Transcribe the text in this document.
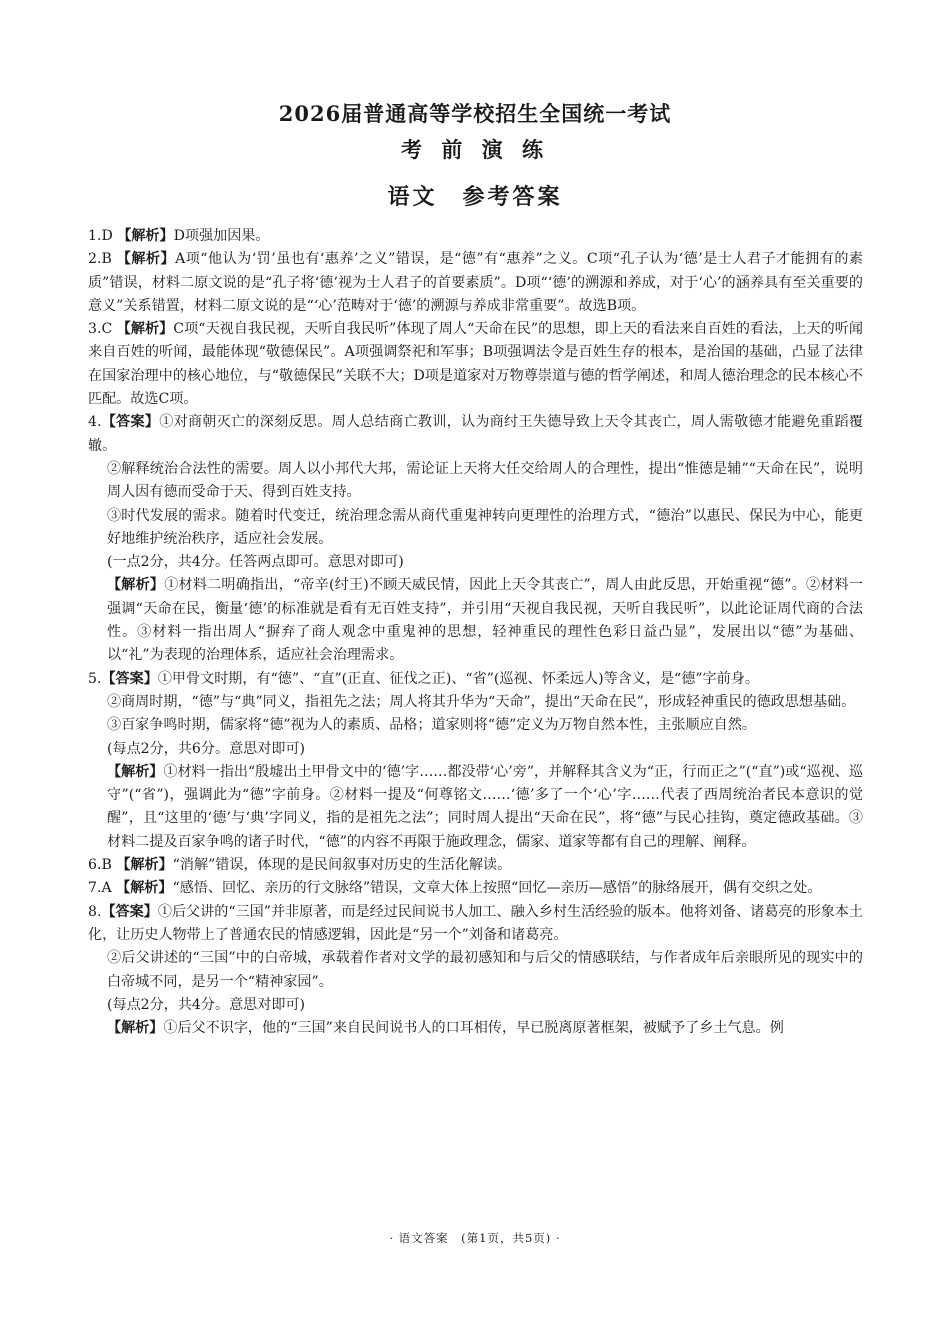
2026届普通高等学校招生全国统一考试
考 前 演 练
语文　参考答案
1.D 【解析】D项强加因果。
2.B 【解析】A项“他认为‘罚’虽也有‘惠养’之义”错误，是“德”有“惠养”之义。C项“孔子认为‘德’是士人君子才能拥有的素质”错误，材料二原文说的是“孔子将‘德’视为士人君子的首要素质”。D项“‘德’的溯源和养成，对于‘心’的涵养具有至关重要的意义”关系错置，材料二原文说的是“‘心’范畴对于‘德’的溯源与养成非常重要”。故选B项。
3.C 【解析】C项“天视自我民视，天听自我民听”体现了周人“天命在民”的思想，即上天的看法来自百姓的看法，上天的听闻来自百姓的听闻，最能体现“敬德保民”。A项强调祭祀和军事；B项强调法令是百姓生存的根本，是治国的基础，凸显了法律在国家治理中的核心地位，与“敬德保民”关联不大；D项是道家对万物尊崇道与德的哲学阐述，和周人德治理念的民本核心不匹配。故选C项。
4.【答案】①对商朝灭亡的深刻反思。周人总结商亡教训，认为商纣王失德导致上天令其丧亡，周人需敬德才能避免重蹈覆辙。
②解释统治合法性的需要。周人以小邦代大邦，需论证上天将大任交给周人的合理性，提出“惟德是辅”“天命在民”，说明周人因有德而受命于天、得到百姓支持。
③时代发展的需求。随着时代变迁，统治理念需从商代重鬼神转向更理性的治理方式，“德治”以惠民、保民为中心，能更好地维护统治秩序，适应社会发展。
(一点2分，共4分。任答两点即可。意思对即可)
【解析】①材料二明确指出，“帝辛(纣王)不顾天威民情，因此上天令其丧亡”，周人由此反思，开始重视“德”。②材料一强调“天命在民，衡量‘德’的标准就是看有无百姓支持”，并引用“天视自我民视，天听自我民听”，以此论证周代商的合法性。③材料一指出周人“摒弃了商人观念中重鬼神的思想，轻神重民的理性色彩日益凸显”，发展出以“德”为基础、以“礼”为表现的治理体系，适应社会治理需求。
5.【答案】①甲骨文时期，有“德”、“直”(正直、征伐之正)、“省”(巡视、怀柔远人)等含义，是“德”字前身。
②商周时期，“德”与“典”同义，指祖先之法；周人将其升华为“天命”，提出“天命在民”，形成轻神重民的德政思想基础。
③百家争鸣时期，儒家将“德”视为人的素质、品格；道家则将“德”定义为万物自然本性，主张顺应自然。
(每点2分，共6分。意思对即可)
【解析】①材料一指出“殷墟出土甲骨文中的‘德’字……都没带‘心’旁”，并解释其含义为“正，行而正之”(“直”)或“巡视、巡守”(“省”)，强调此为“德”字前身。②材料一提及“何尊铭文……‘德’多了一个‘心’字……代表了西周统治者民本意识的觉醒”，且“这里的‘德’与‘典’字同义，指的是祖先之法”；同时周人提出“天命在民”，将“德”与民心挂钩，奠定德政基础。③材料二提及百家争鸣的诸子时代，“德”的内容不再限于施政理念，儒家、道家等都有自己的理解、阐释。
6.B 【解析】“消解”错误，体现的是民间叙事对历史的生活化解读。
7.A 【解析】“感悟、回忆、亲历的行文脉络”错误，文章大体上按照“回忆—亲历—感悟”的脉络展开，偶有交织之处。
8.【答案】①后父讲的“三国”并非原著，而是经过民间说书人加工、融入乡村生活经验的版本。他将刘备、诸葛亮的形象本土化，让历史人物带上了普通农民的情感逻辑，因此是“另一个”刘备和诸葛亮。
②后父讲述的“三国”中的白帝城，承载着作者对文学的最初感知和与后父的情感联结，与作者成年后亲眼所见的现实中的白帝城不同，是另一个“精神家园”。
(每点2分，共4分。意思对即可)
【解析】①后父不识字，他的“三国”来自民间说书人的口耳相传，早已脱离原著框架，被赋予了乡土气息。例
· 语文答案　(第1页，共5页) ·
